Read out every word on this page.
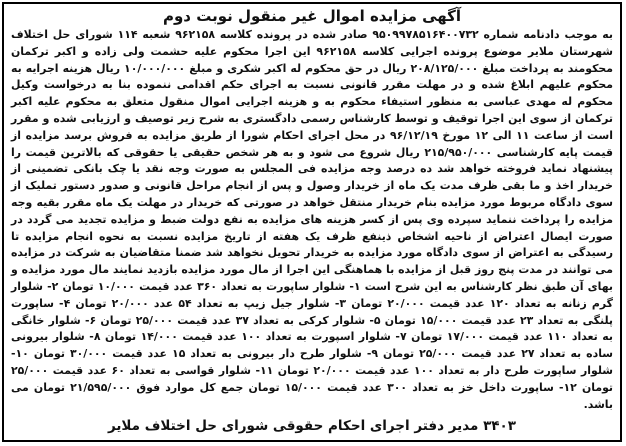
آگهی مزایده اموال غیر منقول نوبت دوم
به موجب دادنامه شماره ۹۵۰۹۹۷۸۵۱۶۴۰۰۷۳۲ صادر شده در پرونده کلاسه ۹۶۲۱۵۸ شعبه ۱۱۴ شورای حل اختلاف شهرستان ملایر موضوع پرونده اجرایی کلاسه ۹۶۲۱۵۸ این اجرا محکوم علیه حشمت ولی زاده و اکبر ترکمان محکومند به پرداخت مبلغ ۲۰۸/۱۲۵/۰۰۰ ریال در حق محکوم له اکبر شکری و مبلغ ۱۰/۰۰۰/۰۰۰ ریال هزینه اجرایه به محکوم علیهم ابلاغ شده و در مهلت مقرر قانونی نسبت به اجرای حکم اقدامی ننموده بنا به درخواست وکیل محکوم له مهدی عباسی به منظور استیفاء محکوم به و هزینه اجرایی اموال منقول متعلق به محکوم علیه اکبر ترکمان از سوی این اجرا توقیف و توسط کارشناس رسمی دادگستری به شرح زیر توصیف و ارزیابی شده و مقرر است از ساعت ۱۱ الی ۱۲ مورخ ۹۶/۱۲/۱۹ در محل اجرای احکام شورا از طریق مزایده به فروش برسد مزایده از قیمت پایه کارشناسی ۲۱۵/۹۵۰/۰۰۰ ریال شروع می شود و به هر شخص حقیقی یا حقوقی که بالاترین قیمت را پیشنهاد نماید فروخته خواهد شد ده درصد وجه مزایده فی المجلس به صورت وجه نقد یا چک بانکی تضمینی از خریدار اخذ و ما بقی ظرف مدت یک ماه از خریدار وصول و پس از انجام مراحل قانونی و صدور دستور تملیک از سوی دادگاه مربوط مورد مزایده بنام خریدار منتقل خواهد در صورتی که خریدار در مهلت یک ماه مقرر بقیه وجه مزایده را پرداخت ننماید سپرده وی پس از کسر هزینه های مزایده به نفع دولت ضبط و مزایده تجدید می گردد در صورت ایصال اعتراض از ناحیه اشخاص ذینفع ظرف یک هفته از تاریخ مزایده نسبت به نحوه انجام مزایده تا رسیدگی به اعتراض از سوی دادگاه مورد مزایده به خریدار تحویل نخواهد شد ضمنا متقاضیان به شرکت در مزایده می توانند در مدت پنج روز قبل از مزایده با هماهنگی این اجرا از مال مورد مزایده بازدید نمایند مال مورد مزایده و بهای آن طبق نظر کارشناس به این شرح است ۱- شلوار ساپورت به تعداد ۳۶۰ عدد قیمت ۱۰/۰۰۰ تومان ۲- شلوار گرم زنانه به تعداد ۱۲۰ عدد قیمت ۲۰/۰۰۰ تومان ۳- شلوار جیل زیپ به تعداد ۵۴ عدد ۲۰/۰۰۰ تومان ۴- ساپورت پلنگی به تعداد ۲۳ عدد قیمت ۱۵/۰۰۰ تومان ۵- شلوار کرکی به تعداد ۳۷ عدد قیمت ۲۵/۰۰۰ تومان ۶- شلوار خانگی به تعداد ۱۱۰ عدد قیمت ۱۷/۰۰۰ تومان ۷- شلوار اسپورت به تعداد ۱۰۰ عدد قیمت ۱۴/۰۰۰ تومان ۸- شلوار بیرونی ساده به تعداد ۲۷ عدد قیمت ۲۵/۰۰۰ تومان ۹- شلوار طرح دار بیرونی به تعداد ۱۵ عدد قیمت ۳۰/۰۰۰ تومان ۱۰- شلوار ساپورت طرح دار به تعداد ۱۰۰ عدد قیمت ۲۰/۰۰۰ تومان ۱۱- شلوار قواسی به تعداد ۶۰ عدد قیمت ۲۵/۰۰۰ تومان ۱۲- ساپورت داخل خز به تعداد ۳۰۰ عدد قیمت ۱۵/۰۰۰ تومان جمع کل موارد فوق ۲۱/۵۹۵/۰۰۰ تومان می باشد.
۳۴۰۳ مدیر دفتر اجرای احکام حقوقی شورای حل اختلاف ملایر
